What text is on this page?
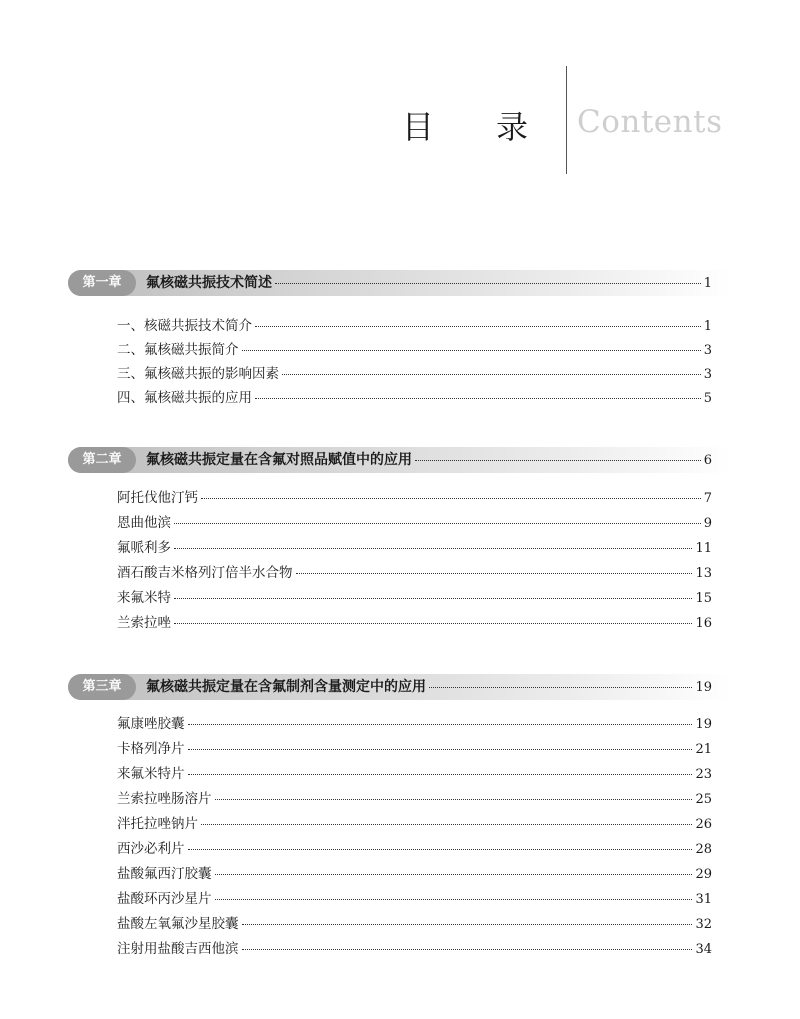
目 录 Contents
第一章	氟核磁共振技术简述	1
一、核磁共振技术简介	1
二、氟核磁共振简介	3
三、氟核磁共振的影响因素	3
四、氟核磁共振的应用	5
第二章	氟核磁共振定量在含氟对照品赋值中的应用	6
阿托伐他汀钙	7
恩曲他滨	9
氟哌利多	11
酒石酸吉米格列汀倍半水合物	13
来氟米特	15
兰索拉唑	16
第三章	氟核磁共振定量在含氟制剂含量测定中的应用	19
氟康唑胶囊	19
卡格列净片	21
来氟米特片	23
兰索拉唑肠溶片	25
泮托拉唑钠片	26
西沙必利片	28
盐酸氟西汀胶囊	29
盐酸环丙沙星片	31
盐酸左氧氟沙星胶囊	32
注射用盐酸吉西他滨	34
